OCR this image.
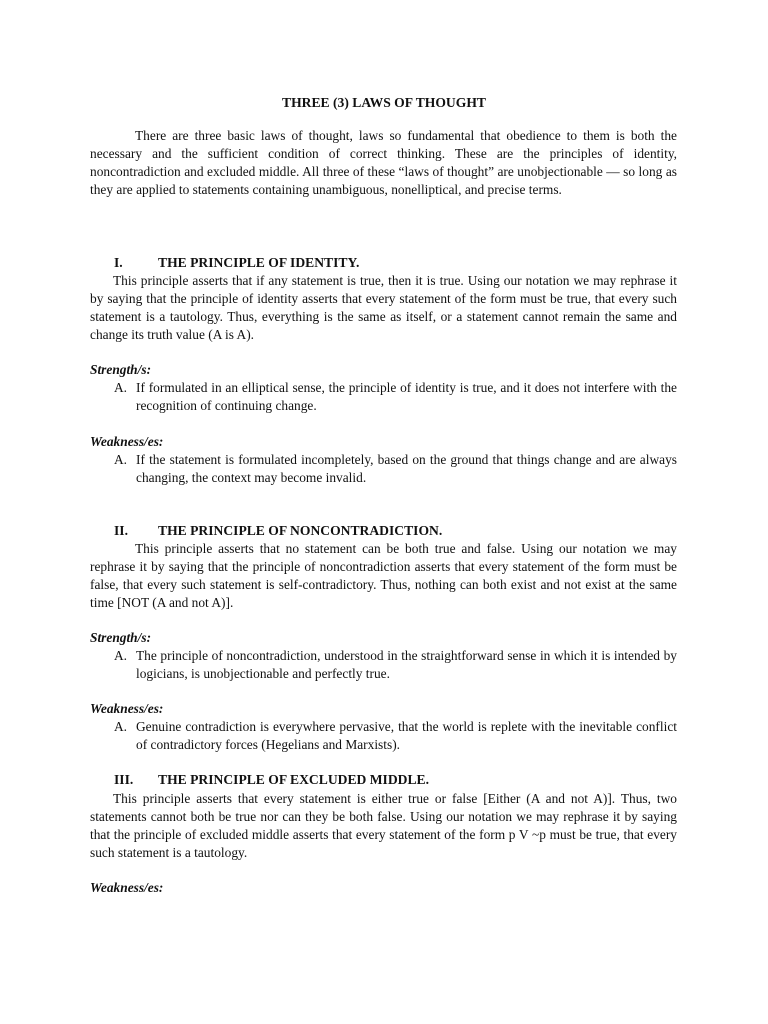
THREE (3) LAWS OF THOUGHT

There are three basic laws of thought, laws so fundamental that obedience to them is both the necessary and the sufficient condition of correct thinking. These are the principles of identity, noncontradiction and excluded middle. All three of these “laws of thought” are unobjectionable — so long as they are applied to statements containing unambiguous, nonelliptical, and precise terms.

I.	THE PRINCIPLE OF IDENTITY.

This principle asserts that if any statement is true, then it is true. Using our notation we may rephrase it by saying that the principle of identity asserts that every statement of the form must be true, that every such statement is a tautology. Thus, everything is the same as itself, or a statement cannot remain the same and change its truth value (A is A).

Strength/s:
A. If formulated in an elliptical sense, the principle of identity is true, and it does not interfere with the recognition of continuing change.
Weakness/es:
A. If the statement is formulated incompletely, based on the ground that things change and are always changing, the context may become invalid.
II. THE PRINCIPLE OF NONCONTRADICTION.

This principle asserts that no statement can be both true and false. Using our notation we may rephrase it by saying that the principle of noncontradiction asserts that every statement of the form must be false, that every such statement is self-contradictory. Thus, nothing can both exist and not exist at the same time [NOT (A and not A)].

Strength/s:
A. The principle of noncontradiction, understood in the straightforward sense in which it is intended by logicians, is unobjectionable and perfectly true.
Weakness/es:
A. Genuine contradiction is everywhere pervasive, that the world is replete with the inevitable conflict of contradictory forces (Hegelians and Marxists).
III. THE PRINCIPLE OF EXCLUDED MIDDLE.

This principle asserts that every statement is either true or false [Either (A and not A)]. Thus, two statements cannot both be true nor can they be both false. Using our notation we may rephrase it by saying that the principle of excluded middle asserts that every statement of the form p V ~p must be true, that every such statement is a tautology.

Weakness/es:
